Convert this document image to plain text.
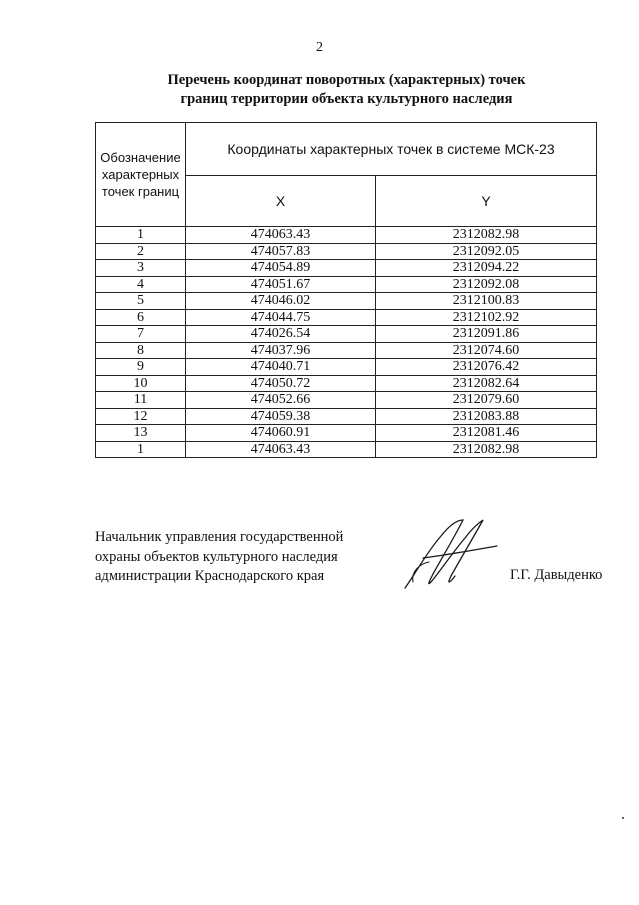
2
Перечень координат поворотных (характерных) точек
границ территории объекта культурного наследия
Обозначение
характерных
точек границ	Координаты характерных точек в системе МСК-23	
	X	Y
1	474063.43	2312082.98
2	474057.83	2312092.05
3	474054.89	2312094.22
4	474051.67	2312092.08
5	474046.02	2312100.83
6	474044.75	2312102.92
7	474026.54	2312091.86
8	474037.96	2312074.60
9	474040.71	2312076.42
10	474050.72	2312082.64
11	474052.66	2312079.60
12	474059.38	2312083.88
13	474060.91	2312081.46
1	474063.43	2312082.98
Начальник управления государственной
охраны объектов культурного наследия
администрации Краснодарского края	Г.Г. Давыденко
